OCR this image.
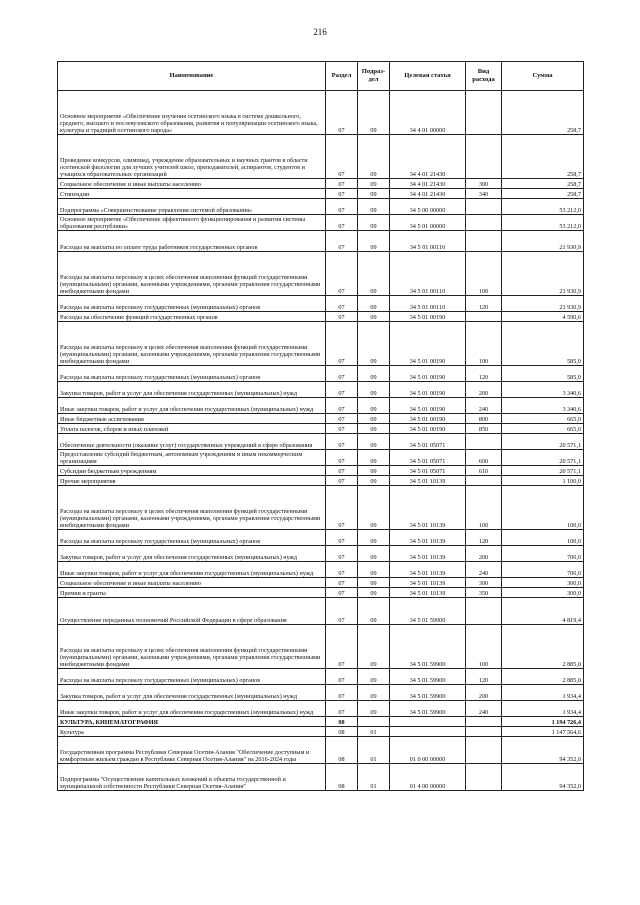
216
Наименование	Раздел	Подраз-
дел	Целевая статья	Вид
расхода	Сумма
Основное мероприятие «Обеспечение изучения осетинского языка в системе дошкольного, среднего, высшего и послевузовского образования, развития и популяризации осетинского языка, культуры и традиций осетинского народа»	07	09	34 4 01 00000		258,7
Проведение конкурсов, олимпиад, учреждение образовательных и научных грантов в области осетинской филологии для лучших учителей школ, преподавателей, аспирантов, студентов и учащихся образовательных организаций	07	09	34 4 01 21430		258,7
Социальное обеспечение и иные выплаты населению	07	09	34 4 01 21430	300	258,7
Стипендии	07	09	34 4 01 21430	340	258,7
Подпрограмма «Совершенствование управления системой образования»	07	09	34 5 00 00000		53 212,0
Основное мероприятие «Обеспечение эффективного функционирования и развития системы образования республики»	07	09	34 5 01 00000		53 212,0
Расходы на выплаты по оплате труда работников государственных органов	07	09	34 5 01 00110		21 930,9
Расходы на выплаты персоналу в целях обеспечения выполнения функций государственными (муниципальными) органами, казенными учреждениями, органами управления государственными внебюджетными фондами	07	09	34 5 01 00110	100	21 930,9
Расходы на выплаты персоналу государственных (муниципальных) органов	07	09	34 5 01 00110	120	21 930,9
Расходы на обеспечение функций государственных органов	07	09	34 5 01 00190		4 590,6
Расходы на выплаты персоналу в целях обеспечения выполнения функций государственными (муниципальными) органами, казенными учреждениями, органами управления государственными внебюджетными фондами	07	09	34 5 01 00190	100	585,0
Расходы на выплаты персоналу государственных (муниципальных) органов	07	09	34 5 01 00190	120	585,0
Закупка товаров, работ и услуг для обеспечения государственных (муниципальных) нужд	07	09	34 5 01 00190	200	3 340,6
Иные закупки товаров, работ и услуг для обеспечения государственных (муниципальных) нужд	07	09	34 5 01 00190	240	3 340,6
Иные бюджетные ассигнования	07	09	34 5 01 00190	800	665,0
Уплата налогов, сборов и иных платежей	07	09	34 5 01 00190	850	665,0
Обеспечение деятельности (оказание услуг) государственных учреждений в сфере образования	07	09	34 5 01 05071		20 571,1
Предоставление субсидий бюджетным, автономным учреждениям и иным некоммерческим организациям	07	09	34 5 01 05071	600	20 571,1
Субсидии бюджетным учреждениям	07	09	34 5 01 05071	610	20 571,1
Прочие мероприятия	07	09	34 5 01 10139		1 100,0
Расходы на выплаты персоналу в целях обеспечения выполнения функций государственными (муниципальными) органами, казенными учреждениями, органами управления государственными внебюджетными фондами	07	09	34 5 01 10139	100	100,0
Расходы на выплаты персоналу государственных (муниципальных) органов	07	09	34 5 01 10139	120	100,0
Закупка товаров, работ и услуг для обеспечения государственных (муниципальных) нужд	07	09	34 5 01 10139	200	700,0
Иные закупки товаров, работ и услуг для обеспечения государственных (муниципальных) нужд	07	09	34 5 01 10139	240	700,0
Социальное обеспечение и иные выплаты населению	07	09	34 5 01 10139	300	300,0
Премии и гранты	07	09	34 5 01 10139	350	300,0
Осуществление переданных полномочий Российской Федерации в сфере образования	07	09	34 5 01 59900		4 819,4
Расходы на выплаты персоналу в целях обеспечения выполнения функций государственными (муниципальными) органами, казенными учреждениями, органами управления государственными внебюджетными фондами	07	09	34 5 01 59900	100	2 885,0
Расходы на выплаты персоналу государственных (муниципальных) органов	07	09	34 5 01 59900	120	2 885,0
Закупка товаров, работ и услуг для обеспечения государственных (муниципальных) нужд	07	09	34 5 01 59900	200	1 934,4
Иные закупки товаров, работ и услуг для обеспечения государственных (муниципальных) нужд	07	09	34 5 01 59900	240	1 934,4
КУЛЬТУРА, КИНЕМАТОГРАФИЯ	08				1 194 726,4
Культура	08	01			1 147 564,6
Государственная программа Республики Северная Осетия-Алания "Обеспечение доступным и комфортным жильем граждан в Республике Северная Осетия-Алания" на 2016-2024 годы	08	01	01 0 00 00000		94 352,0
Подпрограмма "Осуществление капитальных вложений в объекты государственной и муниципальной собственности Республики Северная Осетия-Алания"	08	01	01 4 00 00000		94 352,0
